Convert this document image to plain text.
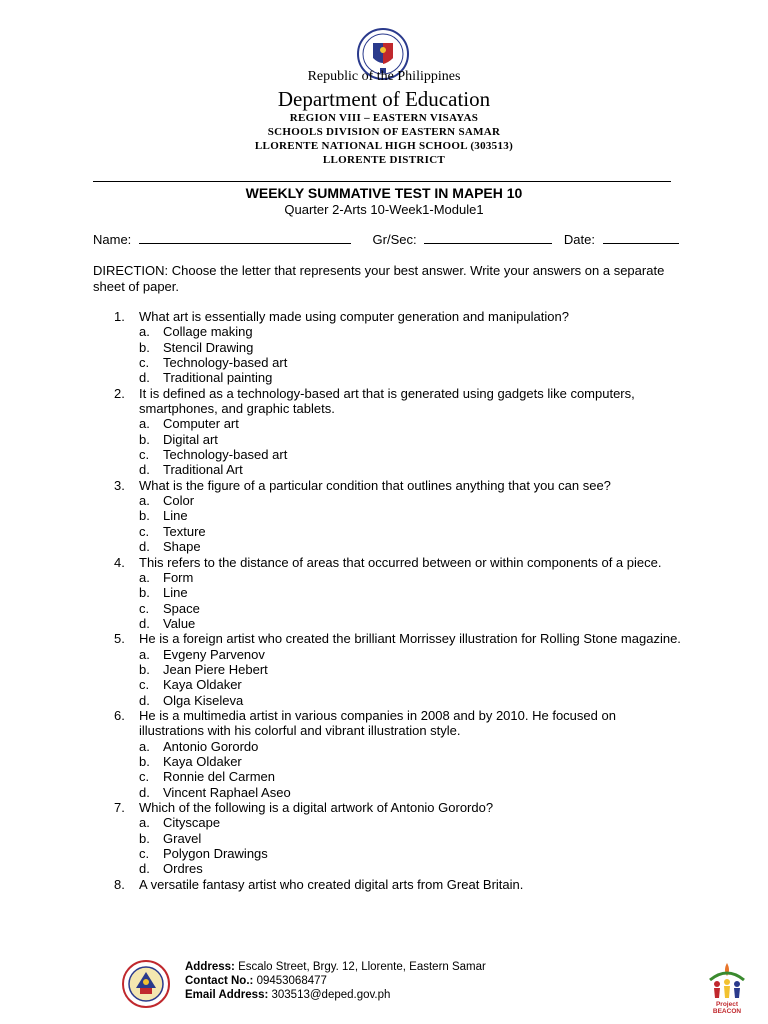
Republic of the Philippines
Department of Education
REGION VIII – EASTERN VISAYAS
SCHOOLS DIVISION OF EASTERN SAMAR
LLORENTE NATIONAL HIGH SCHOOL (303513)
LLORENTE DISTRICT
WEEKLY SUMMATIVE TEST IN MAPEH 10
Quarter 2-Arts 10-Week1-Module1
Name:	Gr/Sec:	Date:
DIRECTION: Choose the letter that represents your best answer. Write your answers on a separate sheet of paper.
1. What art is essentially made using computer generation and manipulation?
a. Collage making
b. Stencil Drawing
c. Technology-based art
d. Traditional painting
2. It is defined as a technology-based art that is generated using gadgets like computers, smartphones, and graphic tablets.
a. Computer art
b. Digital art
c. Technology-based art
d. Traditional Art
3. What is the figure of a particular condition that outlines anything that you can see?
a. Color
b. Line
c. Texture
d. Shape
4. This refers to the distance of areas that occurred between or within components of a piece.
a. Form
b. Line
c. Space
d. Value
5. He is a foreign artist who created the brilliant Morrissey illustration for Rolling Stone magazine.
a. Evgeny Parvenov
b. Jean Piere Hebert
c. Kaya Oldaker
d. Olga Kiseleva
6. He is a multimedia artist in various companies in 2008 and by 2010. He focused on illustrations with his colorful and vibrant illustration style.
a. Antonio Gorordo
b. Kaya Oldaker
c. Ronnie del Carmen
d. Vincent Raphael Aseo
7. Which of the following is a digital artwork of Antonio Gorordo?
a. Cityscape
b. Gravel
c. Polygon Drawings
d. Ordres
8. A versatile fantasy artist who created digital arts from Great Britain.
Address: Escalo Street, Brgy. 12, Llorente, Eastern Samar
Contact No.: 09453068477
Email Address: 303513@deped.gov.ph
Project BEACON
